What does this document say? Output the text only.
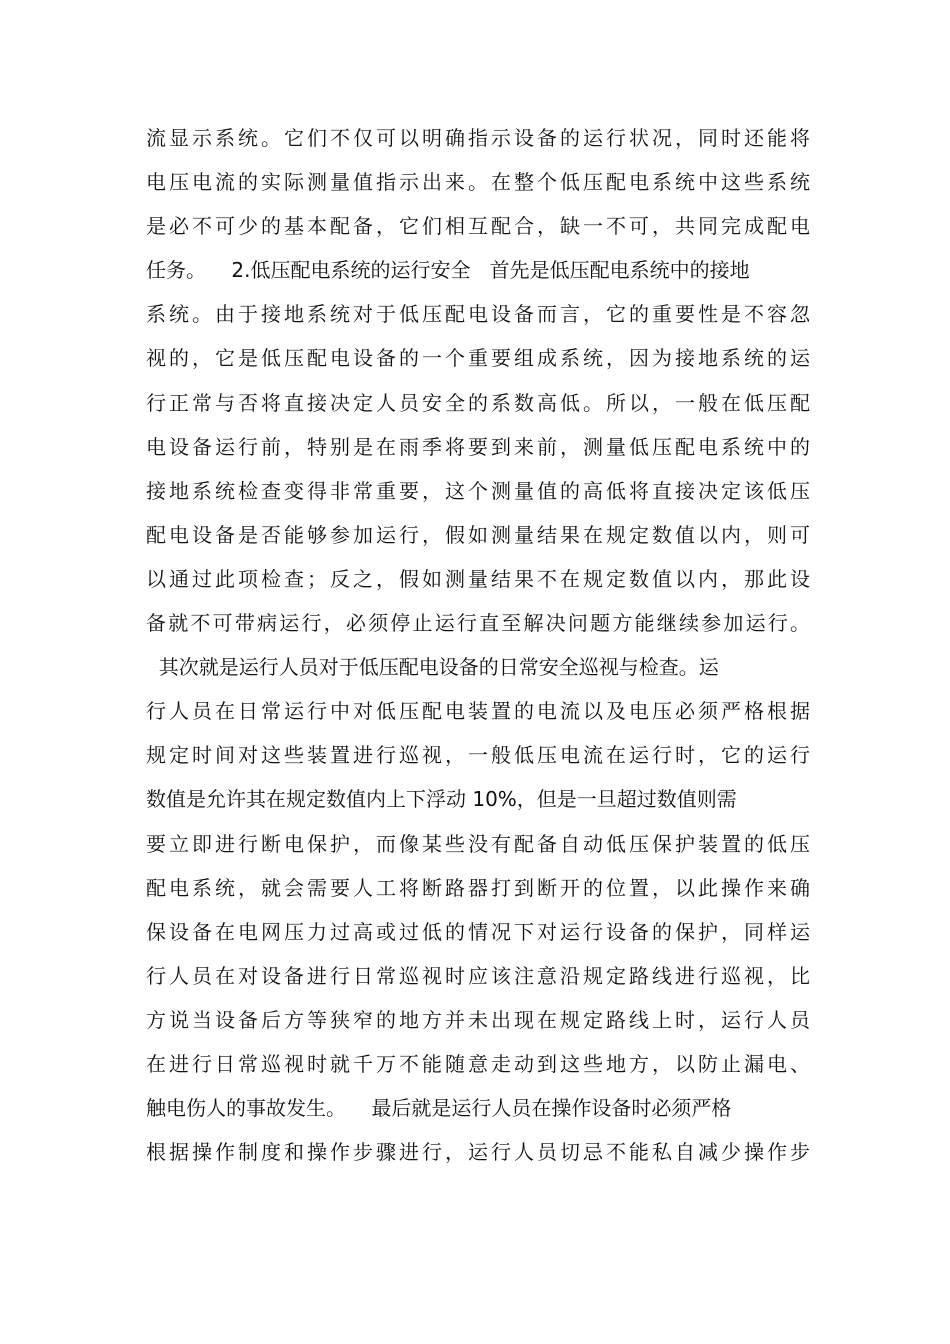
流显示系统。它们不仅可以明确指示设备的运行状况，同时还能将
电压电流的实际测量值指示出来。在整个低压配电系统中这些系统
是必不可少的基本配备，它们相互配合，缺一不可，共同完成配电
任务。    2.低压配电系统的运行安全   首先是低压配电系统中的接地
系统。由于接地系统对于低压配电设备而言，它的重要性是不容忽
视的，它是低压配电设备的一个重要组成系统，因为接地系统的运
行正常与否将直接决定人员安全的系数高低。所以，一般在低压配
电设备运行前，特别是在雨季将要到来前，测量低压配电系统中的
接地系统检查变得非常重要，这个测量值的高低将直接决定该低压
配电设备是否能够参加运行，假如测量结果在规定数值以内，则可
以通过此项检查；反之，假如测量结果不在规定数值以内，那此设
备就不可带病运行，必须停止运行直至解决问题方能继续参加运行。
其次就是运行人员对于低压配电设备的日常安全巡视与检查。运
行人员在日常运行中对低压配电装置的电流以及电压必须严格根据
规定时间对这些装置进行巡视，一般低压电流在运行时，它的运行
数值是允许其在规定数值内上下浮动 10%，但是一旦超过数值则需
要立即进行断电保护，而像某些没有配备自动低压保护装置的低压
配电系统，就会需要人工将断路器打到断开的位置，以此操作来确
保设备在电网压力过高或过低的情况下对运行设备的保护，同样运
行人员在对设备进行日常巡视时应该注意沿规定路线进行巡视，比
方说当设备后方等狭窄的地方并未出现在规定路线上时，运行人员
在进行日常巡视时就千万不能随意走动到这些地方，以防止漏电、
触电伤人的事故发生。    最后就是运行人员在操作设备时必须严格
根据操作制度和操作步骤进行，运行人员切忌不能私自减少操作步
